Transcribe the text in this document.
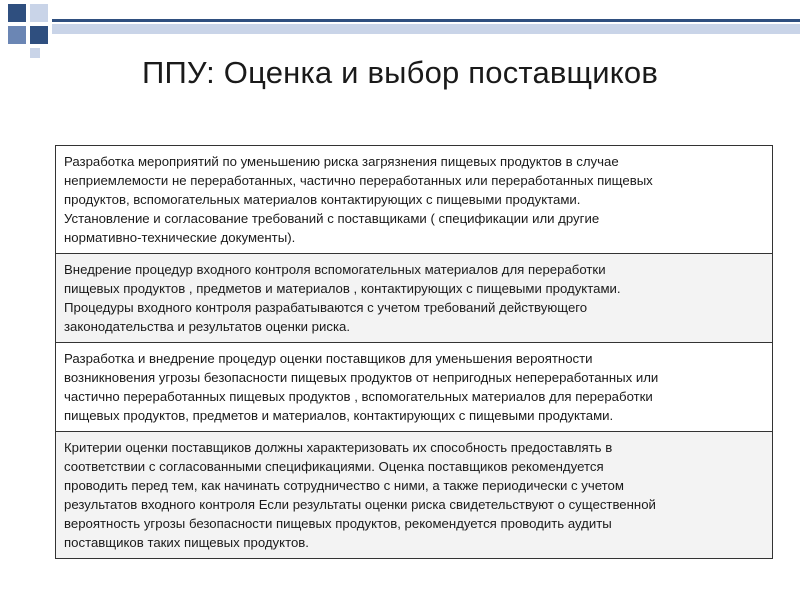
ППУ: Оценка и выбор поставщиков
Разработка мероприятий по уменьшению риска загрязнения пищевых продуктов в случае
неприемлемости не переработанных, частично переработанных или переработанных пищевых
продуктов, вспомогательных материалов контактирующих с пищевыми продуктами.
Установление и согласование требований с поставщиками ( спецификации или другие
нормативно-технические документы).

Внедрение процедур входного контроля вспомогательных материалов для переработки
пищевых продуктов , предметов и материалов , контактирующих с пищевыми продуктами.
Процедуры входного контроля разрабатываются с учетом требований действующего
законодательства и результатов оценки риска.

Разработка и внедрение процедур оценки поставщиков для уменьшения вероятности
возникновения угрозы безопасности пищевых продуктов от непригодных непереработанных или
частично переработанных пищевых продуктов , вспомогательных материалов для переработки
пищевых продуктов, предметов и материалов, контактирующих с пищевыми продуктами.

Критерии оценки поставщиков должны характеризовать их способность предоставлять в
соответствии с согласованными спецификациями. Оценка поставщиков рекомендуется
проводить перед тем, как начинать сотрудничество с ними, а также периодически с учетом
результатов входного контроля Если результаты оценки риска свидетельствуют о существенной
вероятность угрозы безопасности пищевых продуктов, рекомендуется проводить аудиты
поставщиков таких пищевых продуктов.
